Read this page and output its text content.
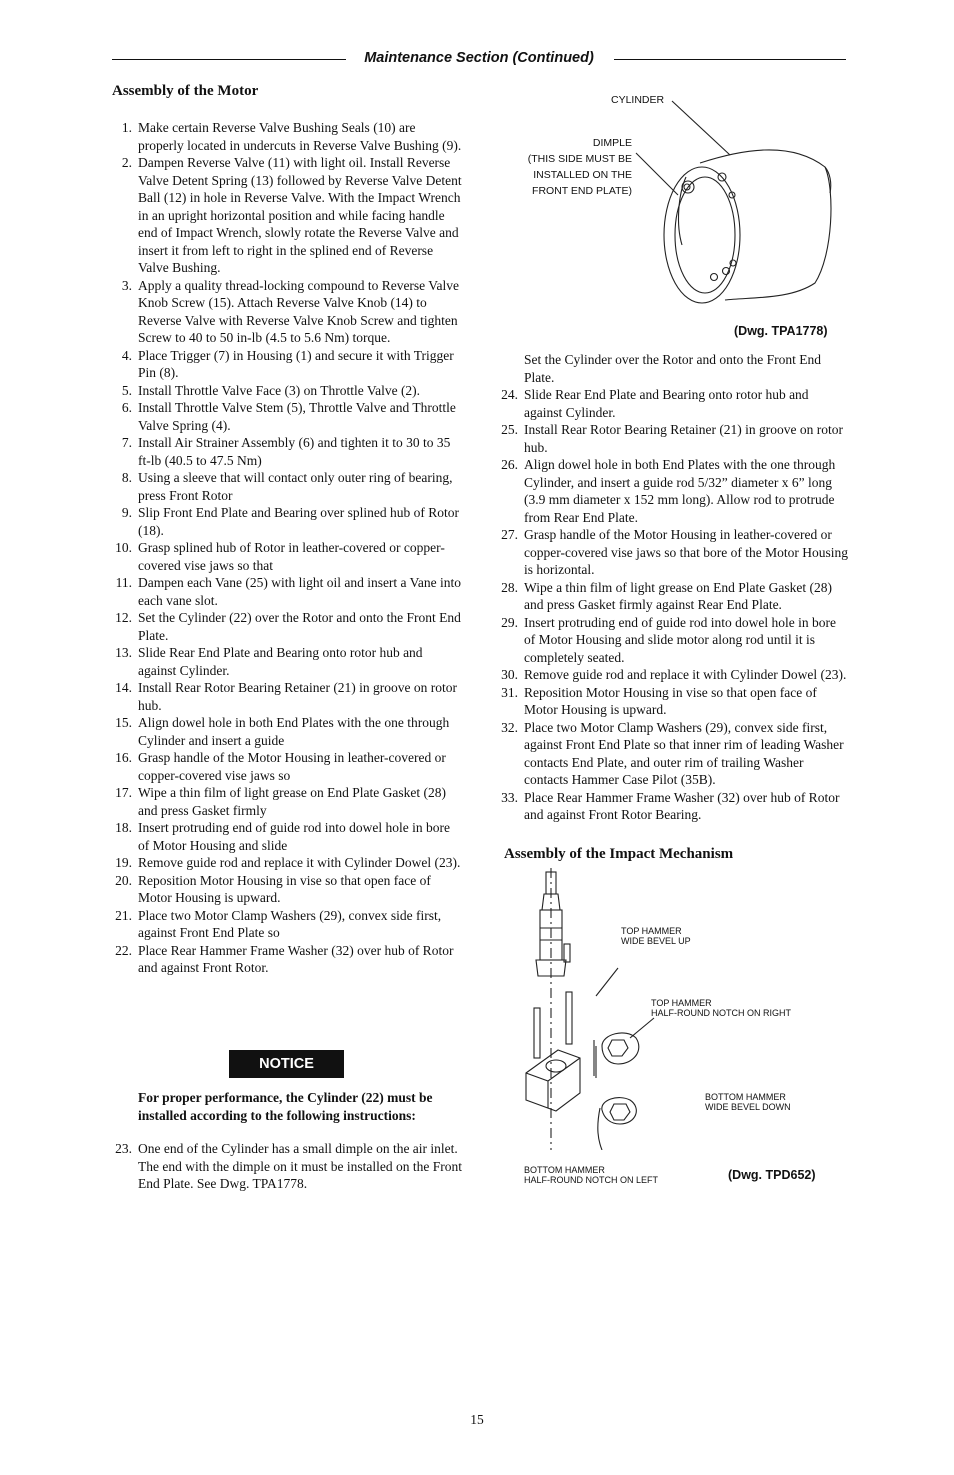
Maintenance Section (Continued)
Assembly of the Motor
1. Make certain Reverse Valve Bushing Seals (10) are properly located in undercuts in Reverse Valve Bushing (9).
2. Dampen Reverse Valve (11) with light oil. Install Reverse Valve Detent Spring (13) followed by Reverse Valve Detent Ball (12) in hole in Reverse Valve. With the Impact Wrench in an upright horizontal position and while facing handle end of Impact Wrench, slowly rotate the Reverse Valve and insert it from left to right in the splined end of Reverse Valve Bushing.
3. Apply a quality thread-locking compound to Reverse Valve Knob Screw (15). Attach Reverse Valve Knob (14) to Reverse Valve with Reverse Valve Knob Screw and tighten Screw to 40 to 50 in-lb (4.5 to 5.6 Nm) torque.
4. Place Trigger (7) in Housing (1) and secure it with Trigger Pin (8).
5. Install Throttle Valve Face (3) on Throttle Valve (2).
6. Install Throttle Valve Stem (5), Throttle Valve and Throttle Valve Spring (4).
7. Install Air Strainer Assembly (6) and tighten it to 30 to 35 ft-lb (40.5 to 47.5 Nm)
8. Using a sleeve that will contact only outer ring of bearing, press Front Rotor
9. Slip Front End Plate and Bearing over splined hub of Rotor (18).
10. Grasp splined hub of Rotor in leather-covered or copper-covered vise jaws so that
11. Dampen each Vane (25) with light oil and insert a Vane into each vane slot.
12. Set the Cylinder (22) over the Rotor and onto the Front End Plate.
13. Slide Rear End Plate and Bearing onto rotor hub and against Cylinder.
14. Install Rear Rotor Bearing Retainer (21) in groove on rotor hub.
15. Align dowel hole in both End Plates with the one through Cylinder and insert a guide
16. Grasp handle of the Motor Housing in leather-covered or copper-covered vise jaws so
17. Wipe a thin film of light grease on End Plate Gasket (28) and press Gasket firmly
18. Insert protruding end of guide rod into dowel hole in bore of Motor Housing and slide
19. Remove guide rod and replace it with Cylinder Dowel (23).
20. Reposition Motor Housing in vise so that open face of Motor Housing is upward.
21. Place two Motor Clamp Washers (29), convex side first, against Front End Plate so
22. Place Rear Hammer Frame Washer (32) over hub of Rotor and against Front Rotor.
NOTICE
For proper performance, the Cylinder (22) must be installed according to the following instructions:
23. One end of the Cylinder has a small dimple on the air inlet. The end with the dimple on it must be installed on the Front End Plate. See Dwg. TPA1778.
CYLINDER
DIMPLE
(THIS SIDE MUST BE
INSTALLED ON THE
FRONT END PLATE)
(Dwg. TPA1778)
Set the Cylinder over the Rotor and onto the Front End Plate.
24. Slide Rear End Plate and Bearing onto rotor hub and against Cylinder.
25. Install Rear Rotor Bearing Retainer (21) in groove on rotor hub.
26. Align dowel hole in both End Plates with the one through Cylinder, and insert a guide rod 5/32” diameter x 6” long (3.9 mm diameter x 152 mm long). Allow rod to protrude from Rear End Plate.
27. Grasp handle of the Motor Housing in leather-covered or copper-covered vise jaws so that bore of the Motor Housing is horizontal.
28. Wipe a thin film of light grease on End Plate Gasket (28) and press Gasket firmly against Rear End Plate.
29. Insert protruding end of guide rod into dowel hole in bore of Motor Housing and slide motor along rod until it is completely seated.
30. Remove guide rod and replace it with Cylinder Dowel (23).
31. Reposition Motor Housing in vise so that open face of Motor Housing is upward.
32. Place two Motor Clamp Washers (29), convex side first, against Front End Plate so that inner rim of leading Washer contacts End Plate, and outer rim of trailing Washer contacts Hammer Case Pilot (35B).
33. Place Rear Hammer Frame Washer (32) over hub of Rotor and against Front Rotor Bearing.
Assembly of the Impact Mechanism
TOP HAMMER
WIDE BEVEL UP
TOP HAMMER
HALF-ROUND NOTCH ON RIGHT
BOTTOM HAMMER
WIDE BEVEL DOWN
BOTTOM HAMMER
HALF-ROUND NOTCH ON LEFT	(Dwg. TPD652)
15
